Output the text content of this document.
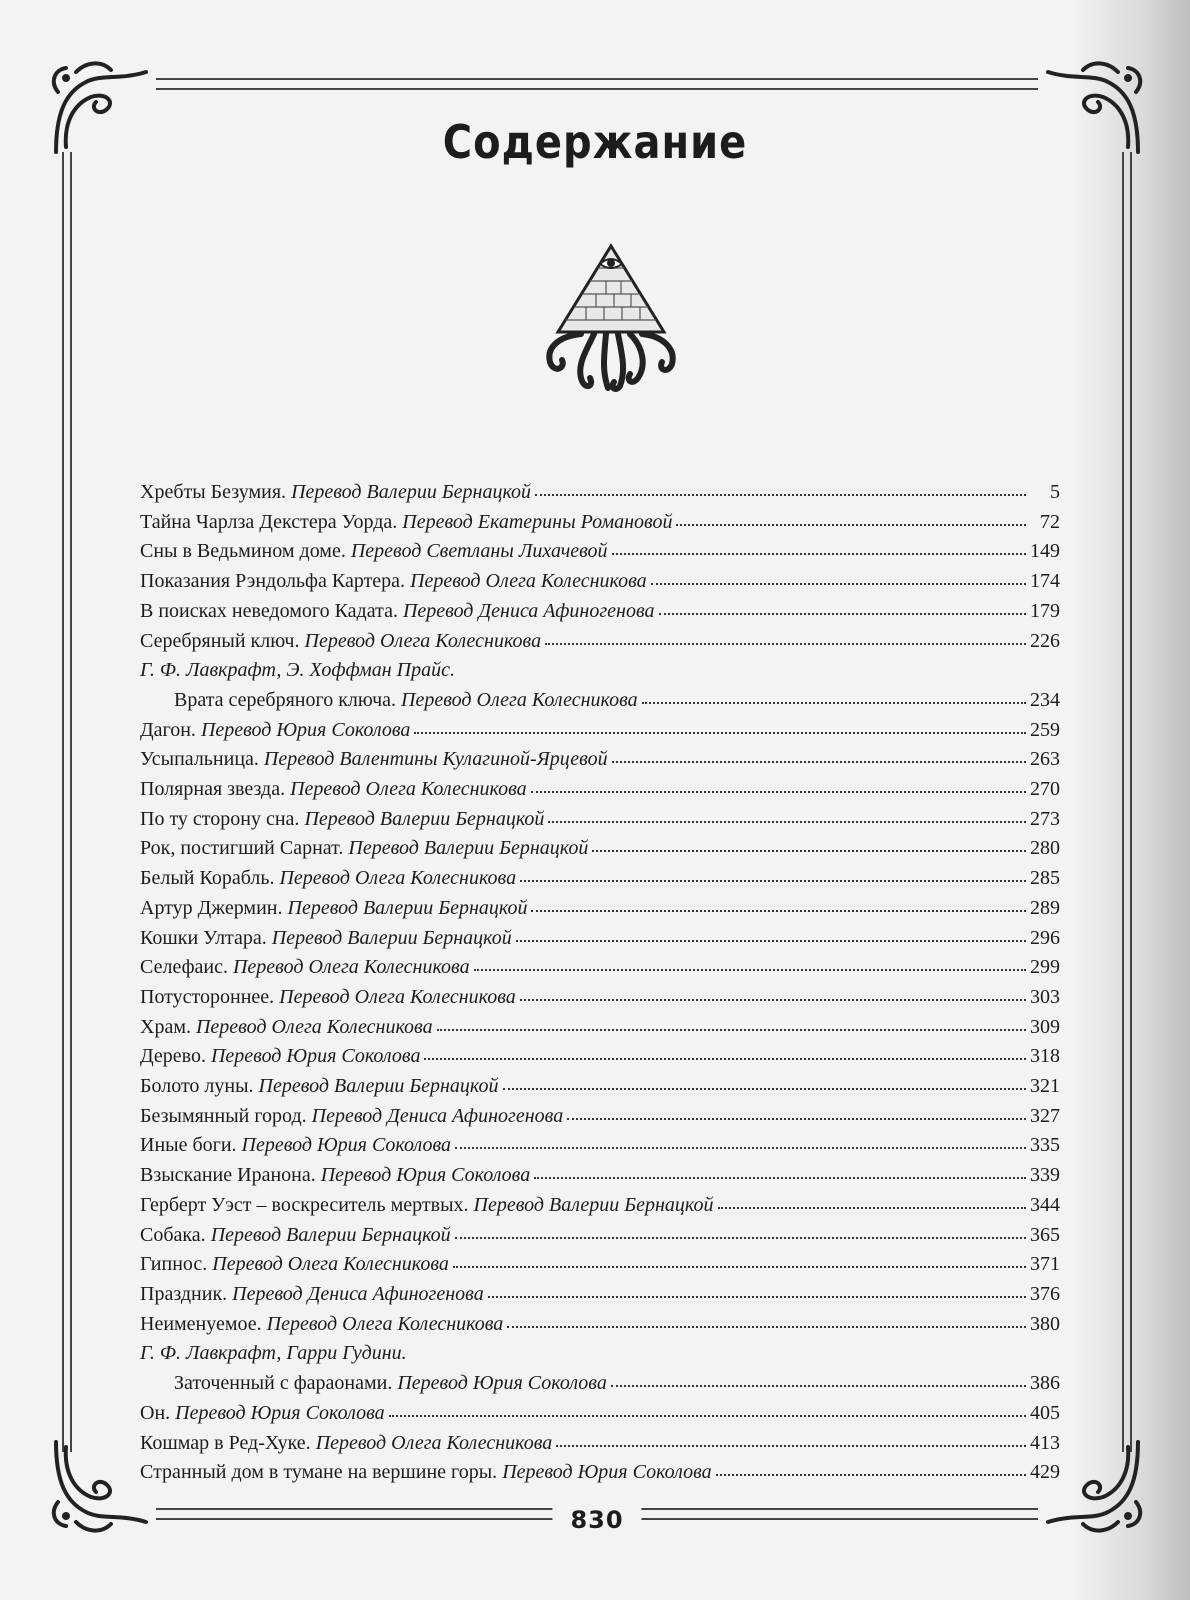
830
Содержание
Хребты Безумия. Перевод Валерии Бернацкой	5
Тайна Чарлза Декстера Уорда. Перевод Екатерины Романовой	72
Сны в Ведьмином доме. Перевод Светланы Лихачевой	149
Показания Рэндольфа Картера. Перевод Олега Колесникова	174
В поисках неведомого Кадата. Перевод Дениса Афиногенова	179
Серебряный ключ. Перевод Олега Колесникова	226
Г. Ф. Лавкрафт, Э. Хоффман Прайс.
Врата серебряного ключа. Перевод Олега Колесникова	234
Дагон. Перевод Юрия Соколова	259
Усыпальница. Перевод Валентины Кулагиной-Ярцевой	263
Полярная звезда. Перевод Олега Колесникова	270
По ту сторону сна. Перевод Валерии Бернацкой	273
Рок, постигший Сарнат. Перевод Валерии Бернацкой	280
Белый Корабль. Перевод Олега Колесникова	285
Артур Джермин. Перевод Валерии Бернацкой	289
Кошки Ултара. Перевод Валерии Бернацкой	296
Селефаис. Перевод Олега Колесникова	299
Потустороннее. Перевод Олега Колесникова	303
Храм. Перевод Олега Колесникова	309
Дерево. Перевод Юрия Соколова	318
Болото луны. Перевод Валерии Бернацкой	321
Безымянный город. Перевод Дениса Афиногенова	327
Иные боги. Перевод Юрия Соколова	335
Взыскание Иранона. Перевод Юрия Соколова	339
Герберт Уэст – воскреситель мертвых. Перевод Валерии Бернацкой	344
Собака. Перевод Валерии Бернацкой	365
Гипнос. Перевод Олега Колесникова	371
Праздник. Перевод Дениса Афиногенова	376
Неименуемое. Перевод Олега Колесникова	380
Г. Ф. Лавкрафт, Гарри Гудини.
Заточенный с фараонами. Перевод Юрия Соколова	386
Он. Перевод Юрия Соколова	405
Кошмар в Ред-Хуке. Перевод Олега Колесникова	413
Странный дом в тумане на вершине горы. Перевод Юрия Соколова	429
